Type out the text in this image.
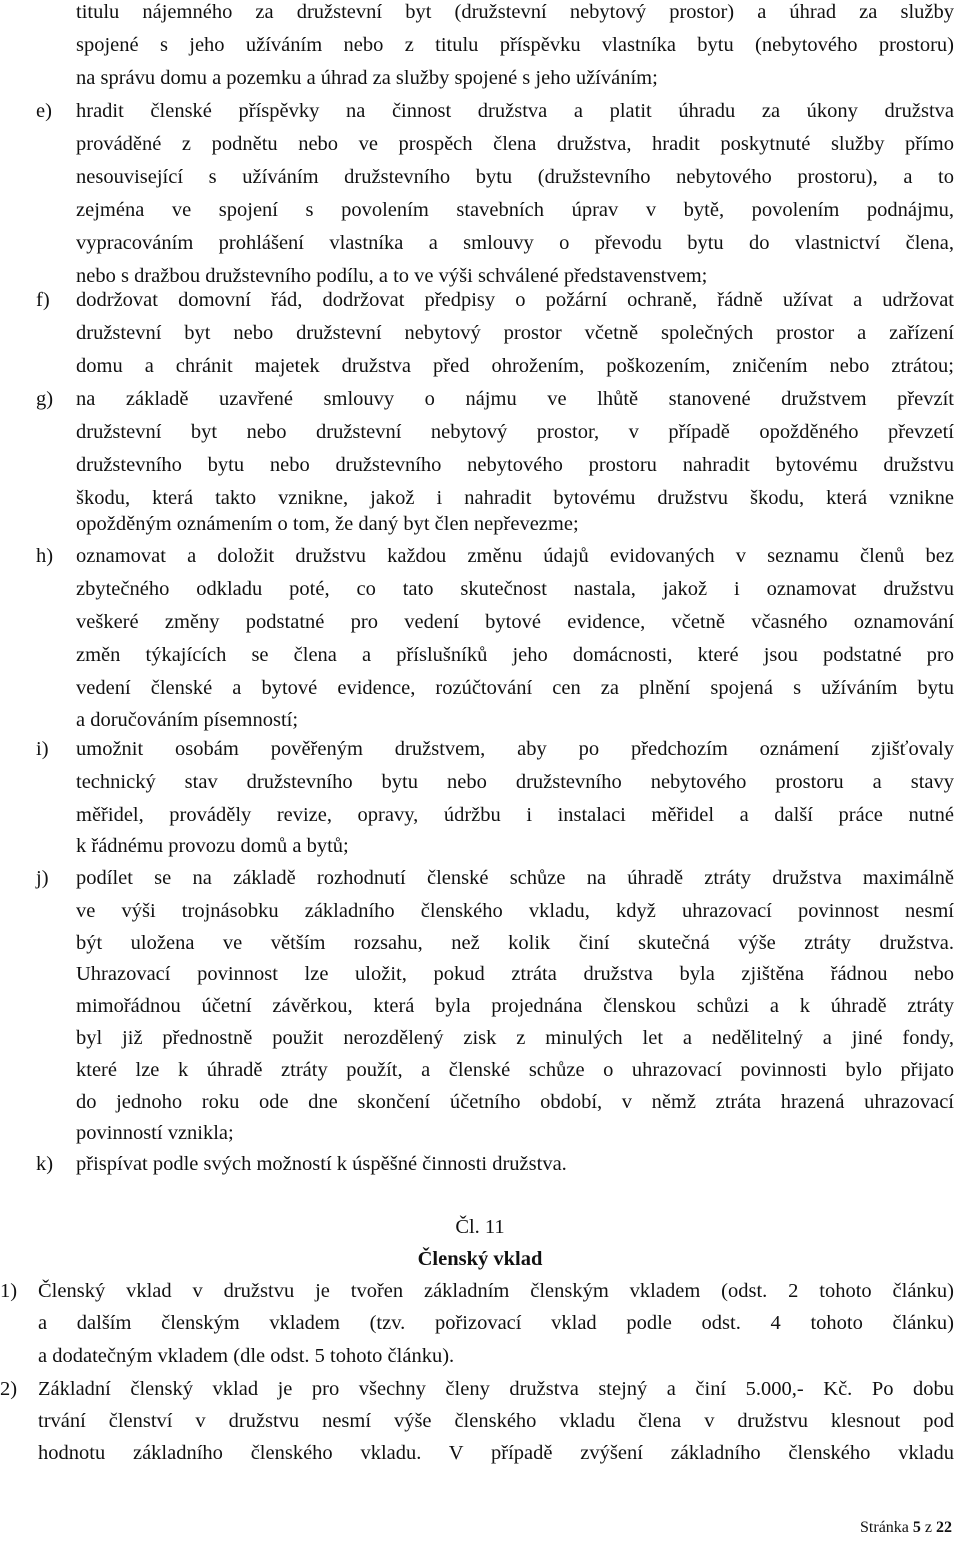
titulu nájemného za družstevní byt (družstevní nebytový prostor) a úhrad za služby
spojené s jeho užíváním nebo z titulu příspěvku vlastníka bytu (nebytového prostoru)
na správu domu a pozemku a úhrad za služby spojené s jeho užíváním;
e) hradit členské příspěvky na činnost družstva a platit úhradu za úkony družstva
prováděné z podnětu nebo ve prospěch člena družstva, hradit poskytnuté služby přímo
nesouvisející s užíváním družstevního bytu (družstevního nebytového prostoru), a to
zejména ve spojení s povolením stavebních úprav v bytě, povolením podnájmu,
vypracováním prohlášení vlastníka a smlouvy o převodu bytu do vlastnictví člena,
nebo s dražbou družstevního podílu, a to ve výši schválené představenstvem;
f) dodržovat domovní řád, dodržovat předpisy o požární ochraně, řádně užívat a udržovat
družstevní byt nebo družstevní nebytový prostor včetně společných prostor a zařízení
domu a chránit majetek družstva před ohrožením, poškozením, zničením nebo ztrátou;
g) na základě uzavřené smlouvy o nájmu ve lhůtě stanovené družstvem převzít
družstevní byt nebo družstevní nebytový prostor, v případě opožděného převzetí
družstevního bytu nebo družstevního nebytového prostoru nahradit bytovému družstvu
škodu, která takto vznikne, jakož i nahradit bytovému družstvu škodu, která vznikne
opožděným oznámením o tom, že daný byt člen nepřevezme;
h) oznamovat a doložit družstvu každou změnu údajů evidovaných v seznamu členů bez
zbytečného odkladu poté, co tato skutečnost nastala, jakož i oznamovat družstvu
veškeré změny podstatné pro vedení bytové evidence, včetně včasného oznamování
změn týkajících se člena a příslušníků jeho domácnosti, které jsou podstatné pro
vedení členské a bytové evidence, rozúčtování cen za plnění spojená s užíváním bytu
a doručováním písemností;
i) umožnit osobám pověřeným družstvem, aby po předchozím oznámení zjišťovaly
technický stav družstevního bytu nebo družstevního nebytového prostoru a stavy
měřidel, prováděly revize, opravy, údržbu i instalaci měřidel a další práce nutné
k řádnému provozu domů a bytů;
j) podílet se na základě rozhodnutí členské schůze na úhradě ztráty družstva maximálně
ve výši trojnásobku základního členského vkladu, když uhrazovací povinnost nesmí
být uložena ve větším rozsahu, než kolik činí skutečná výše ztráty družstva.
Uhrazovací povinnost lze uložit, pokud ztráta družstva byla zjištěna řádnou nebo
mimořádnou účetní závěrkou, která byla projednána členskou schůzi a k úhradě ztráty
byl již přednostně použit nerozdělený zisk z minulých let a nedělitelný a jiné fondy,
které lze k úhradě ztráty použít, a členské schůze o uhrazovací povinnosti bylo přijato
do jednoho roku ode dne skončení účetního období, v němž ztráta hrazená uhrazovací
povinností vznikla;
k) přispívat podle svých možností k úspěšné činnosti družstva.
Čl. 11
Členský vklad
1) Členský vklad v družstvu je tvořen základním členským vkladem (odst. 2 tohoto článku)
a dalším členským vkladem (tzv. pořizovací vklad podle odst. 4 tohoto článku)
a dodatečným vkladem (dle odst. 5 tohoto článku).
2) Základní členský vklad je pro všechny členy družstva stejný a činí 5.000,- Kč. Po dobu
trvání členství v družstvu nesmí výše členského vkladu člena v družstvu klesnout pod
hodnotu základního členského vkladu. V případě zvýšení základního členského vkladu
Stránka 5 z 22
